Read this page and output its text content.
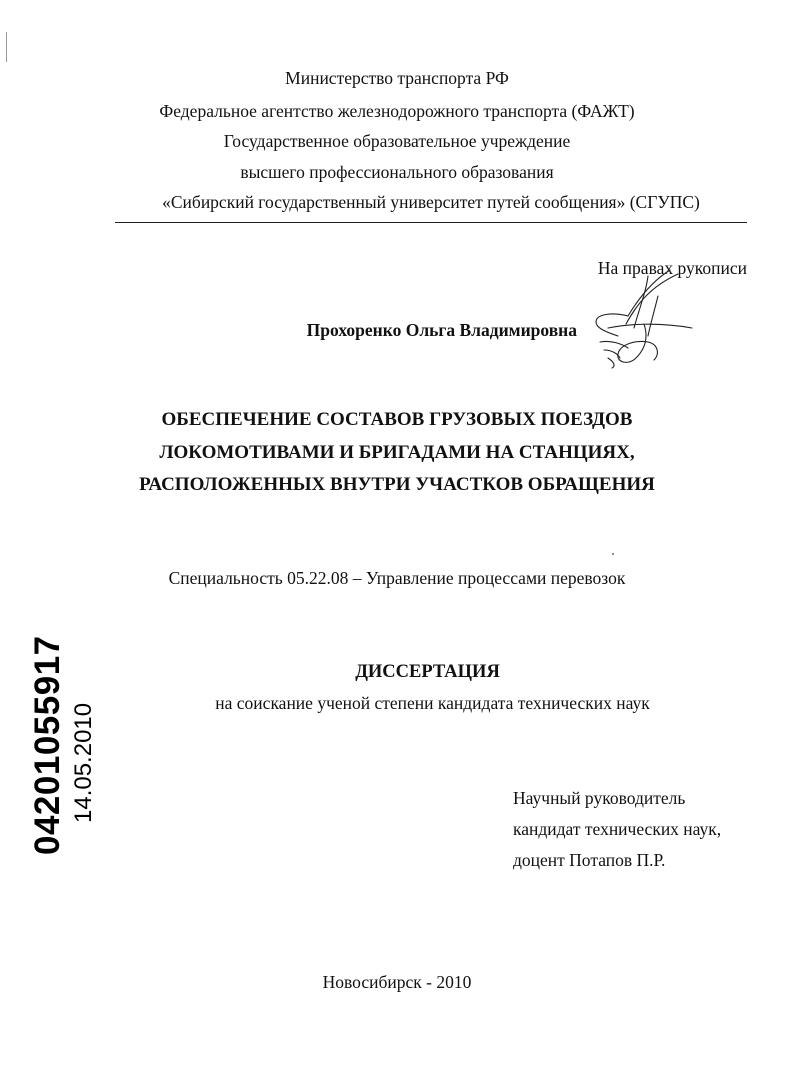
Министерство транспорта РФ
Федеральное агентство железнодорожного транспорта (ФАЖТ)
Государственное образовательное учреждение
высшего профессионального образования
«Сибирский государственный университет путей сообщения» (СГУПС)
На правах рукописи
Прохоренко Ольга Владимировна
ОБЕСПЕЧЕНИЕ СОСТАВОВ ГРУЗОВЫХ ПОЕЗДОВ
ЛОКОМОТИВАМИ И БРИГАДАМИ НА СТАНЦИЯХ,
РАСПОЛОЖЕННЫХ ВНУТРИ УЧАСТКОВ ОБРАЩЕНИЯ
Специальность 05.22.08 – Управление процессами перевозок
ДИССЕРТАЦИЯ
на соискание ученой степени кандидата технических наук
Научный руководитель
кандидат технических наук,
доцент Потапов П.Р.
Новосибирск - 2010
04201055917 14.05.2010
